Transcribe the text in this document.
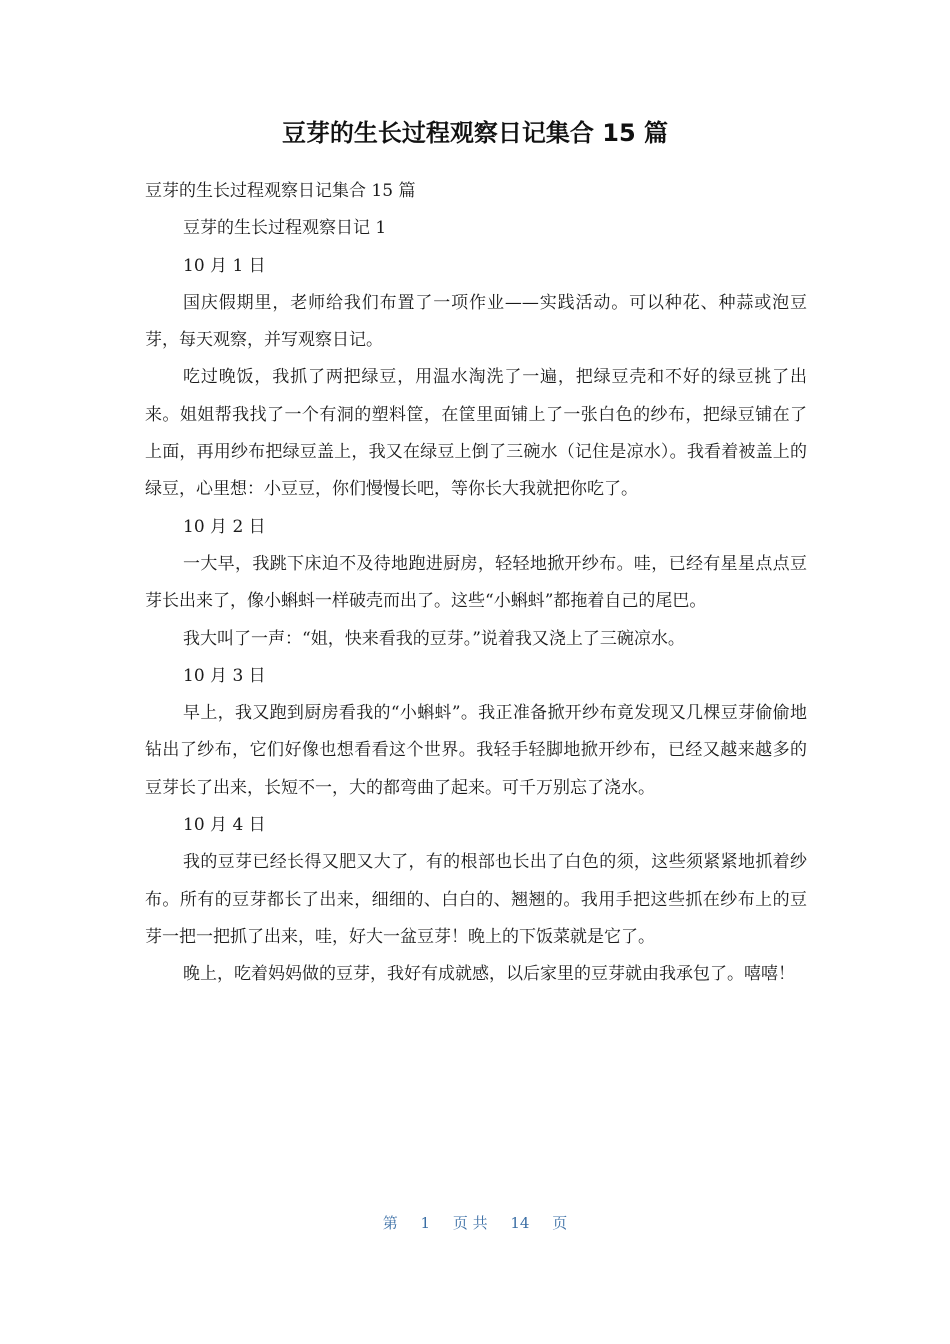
豆芽的生长过程观察日记集合 15 篇

豆芽的生长过程观察日记集合 15 篇

豆芽的生长过程观察日记 1

10 月 1 日

国庆假期里，老师给我们布置了一项作业——实践活动。可以种花、种蒜或泡豆芽，每天观察，并写观察日记。

吃过晚饭，我抓了两把绿豆，用温水淘洗了一遍，把绿豆壳和不好的绿豆挑了出来。姐姐帮我找了一个有洞的塑料筐，在筐里面铺上了一张白色的纱布，把绿豆铺在了上面，再用纱布把绿豆盖上，我又在绿豆上倒了三碗水（记住是凉水）。我看着被盖上的绿豆，心里想：小豆豆，你们慢慢长吧，等你长大我就把你吃了。

10 月 2 日

一大早，我跳下床迫不及待地跑进厨房，轻轻地掀开纱布。哇，已经有星星点点豆芽长出来了，像小蝌蚪一样破壳而出了。这些“小蝌蚪”都拖着自己的尾巴。

我大叫了一声：“姐，快来看我的豆芽。”说着我又浇上了三碗凉水。

10 月 3 日

早上，我又跑到厨房看我的“小蝌蚪”。我正准备掀开纱布竟发现又几棵豆芽偷偷地钻出了纱布，它们好像也想看看这个世界。我轻手轻脚地掀开纱布，已经又越来越多的豆芽长了出来，长短不一，大的都弯曲了起来。可千万别忘了浇水。

10 月 4 日

我的豆芽已经长得又肥又大了，有的根部也长出了白色的须，这些须紧紧地抓着纱布。所有的豆芽都长了出来，细细的、白白的、翘翘的。我用手把这些抓在纱布上的豆芽一把一把抓了出来，哇，好大一盆豆芽！晚上的下饭菜就是它了。

晚上，吃着妈妈做的豆芽，我好有成就感，以后家里的豆芽就由我承包了。嘻嘻！

第 1 页 共 14 页
